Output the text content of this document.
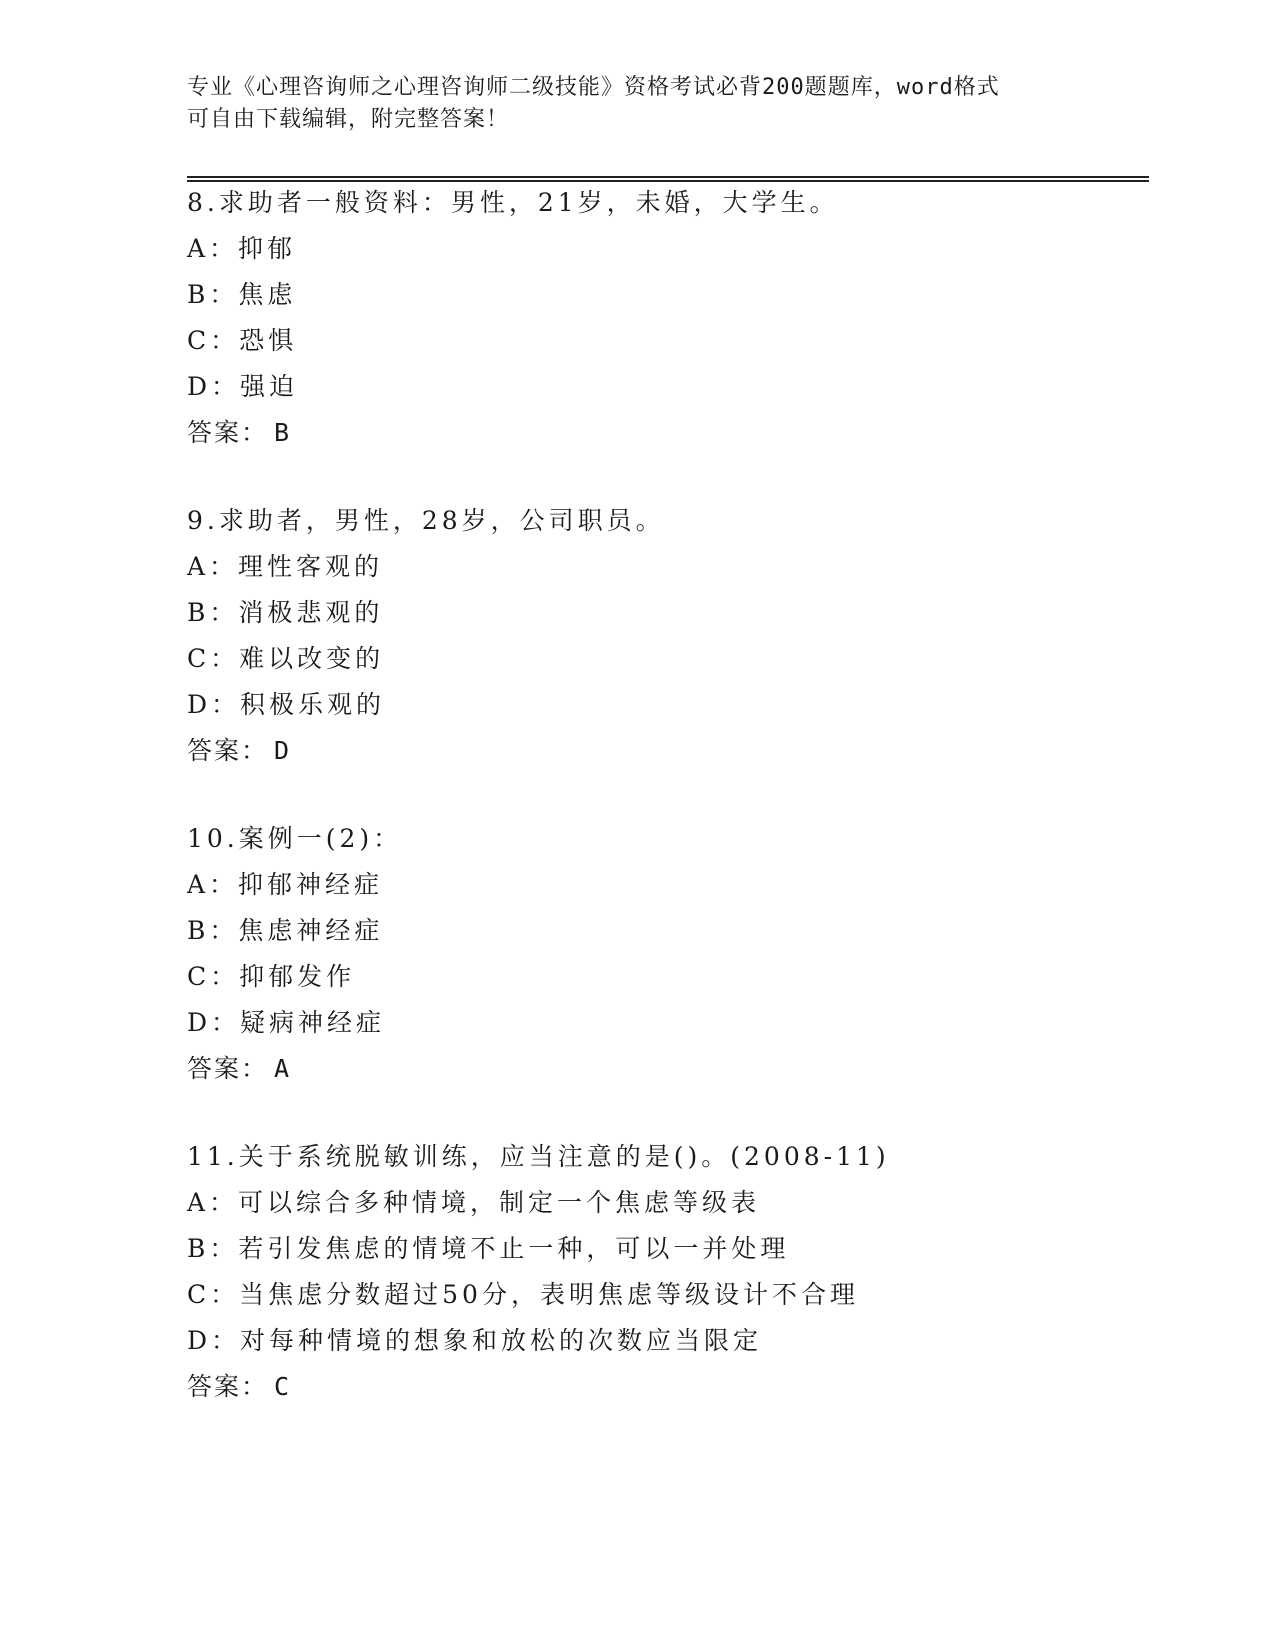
专业《心理咨询师之心理咨询师二级技能》资格考试必背200题题库，word格式
可自由下载编辑，附完整答案！
8.求助者一般资料：男性，21岁，未婚，大学生。
A：抑郁
B：焦虑
C：恐惧
D：强迫
答案： B
9.求助者，男性，28岁，公司职员。
A：理性客观的
B：消极悲观的
C：难以改变的
D：积极乐观的
答案： D
10.案例一(2)：
A：抑郁神经症
B：焦虑神经症
C：抑郁发作
D：疑病神经症
答案： A
11.关于系统脱敏训练，应当注意的是()。(2008-11)
A：可以综合多种情境，制定一个焦虑等级表
B：若引发焦虑的情境不止一种，可以一并处理
C：当焦虑分数超过50分，表明焦虑等级设计不合理
D：对每种情境的想象和放松的次数应当限定
答案： C
